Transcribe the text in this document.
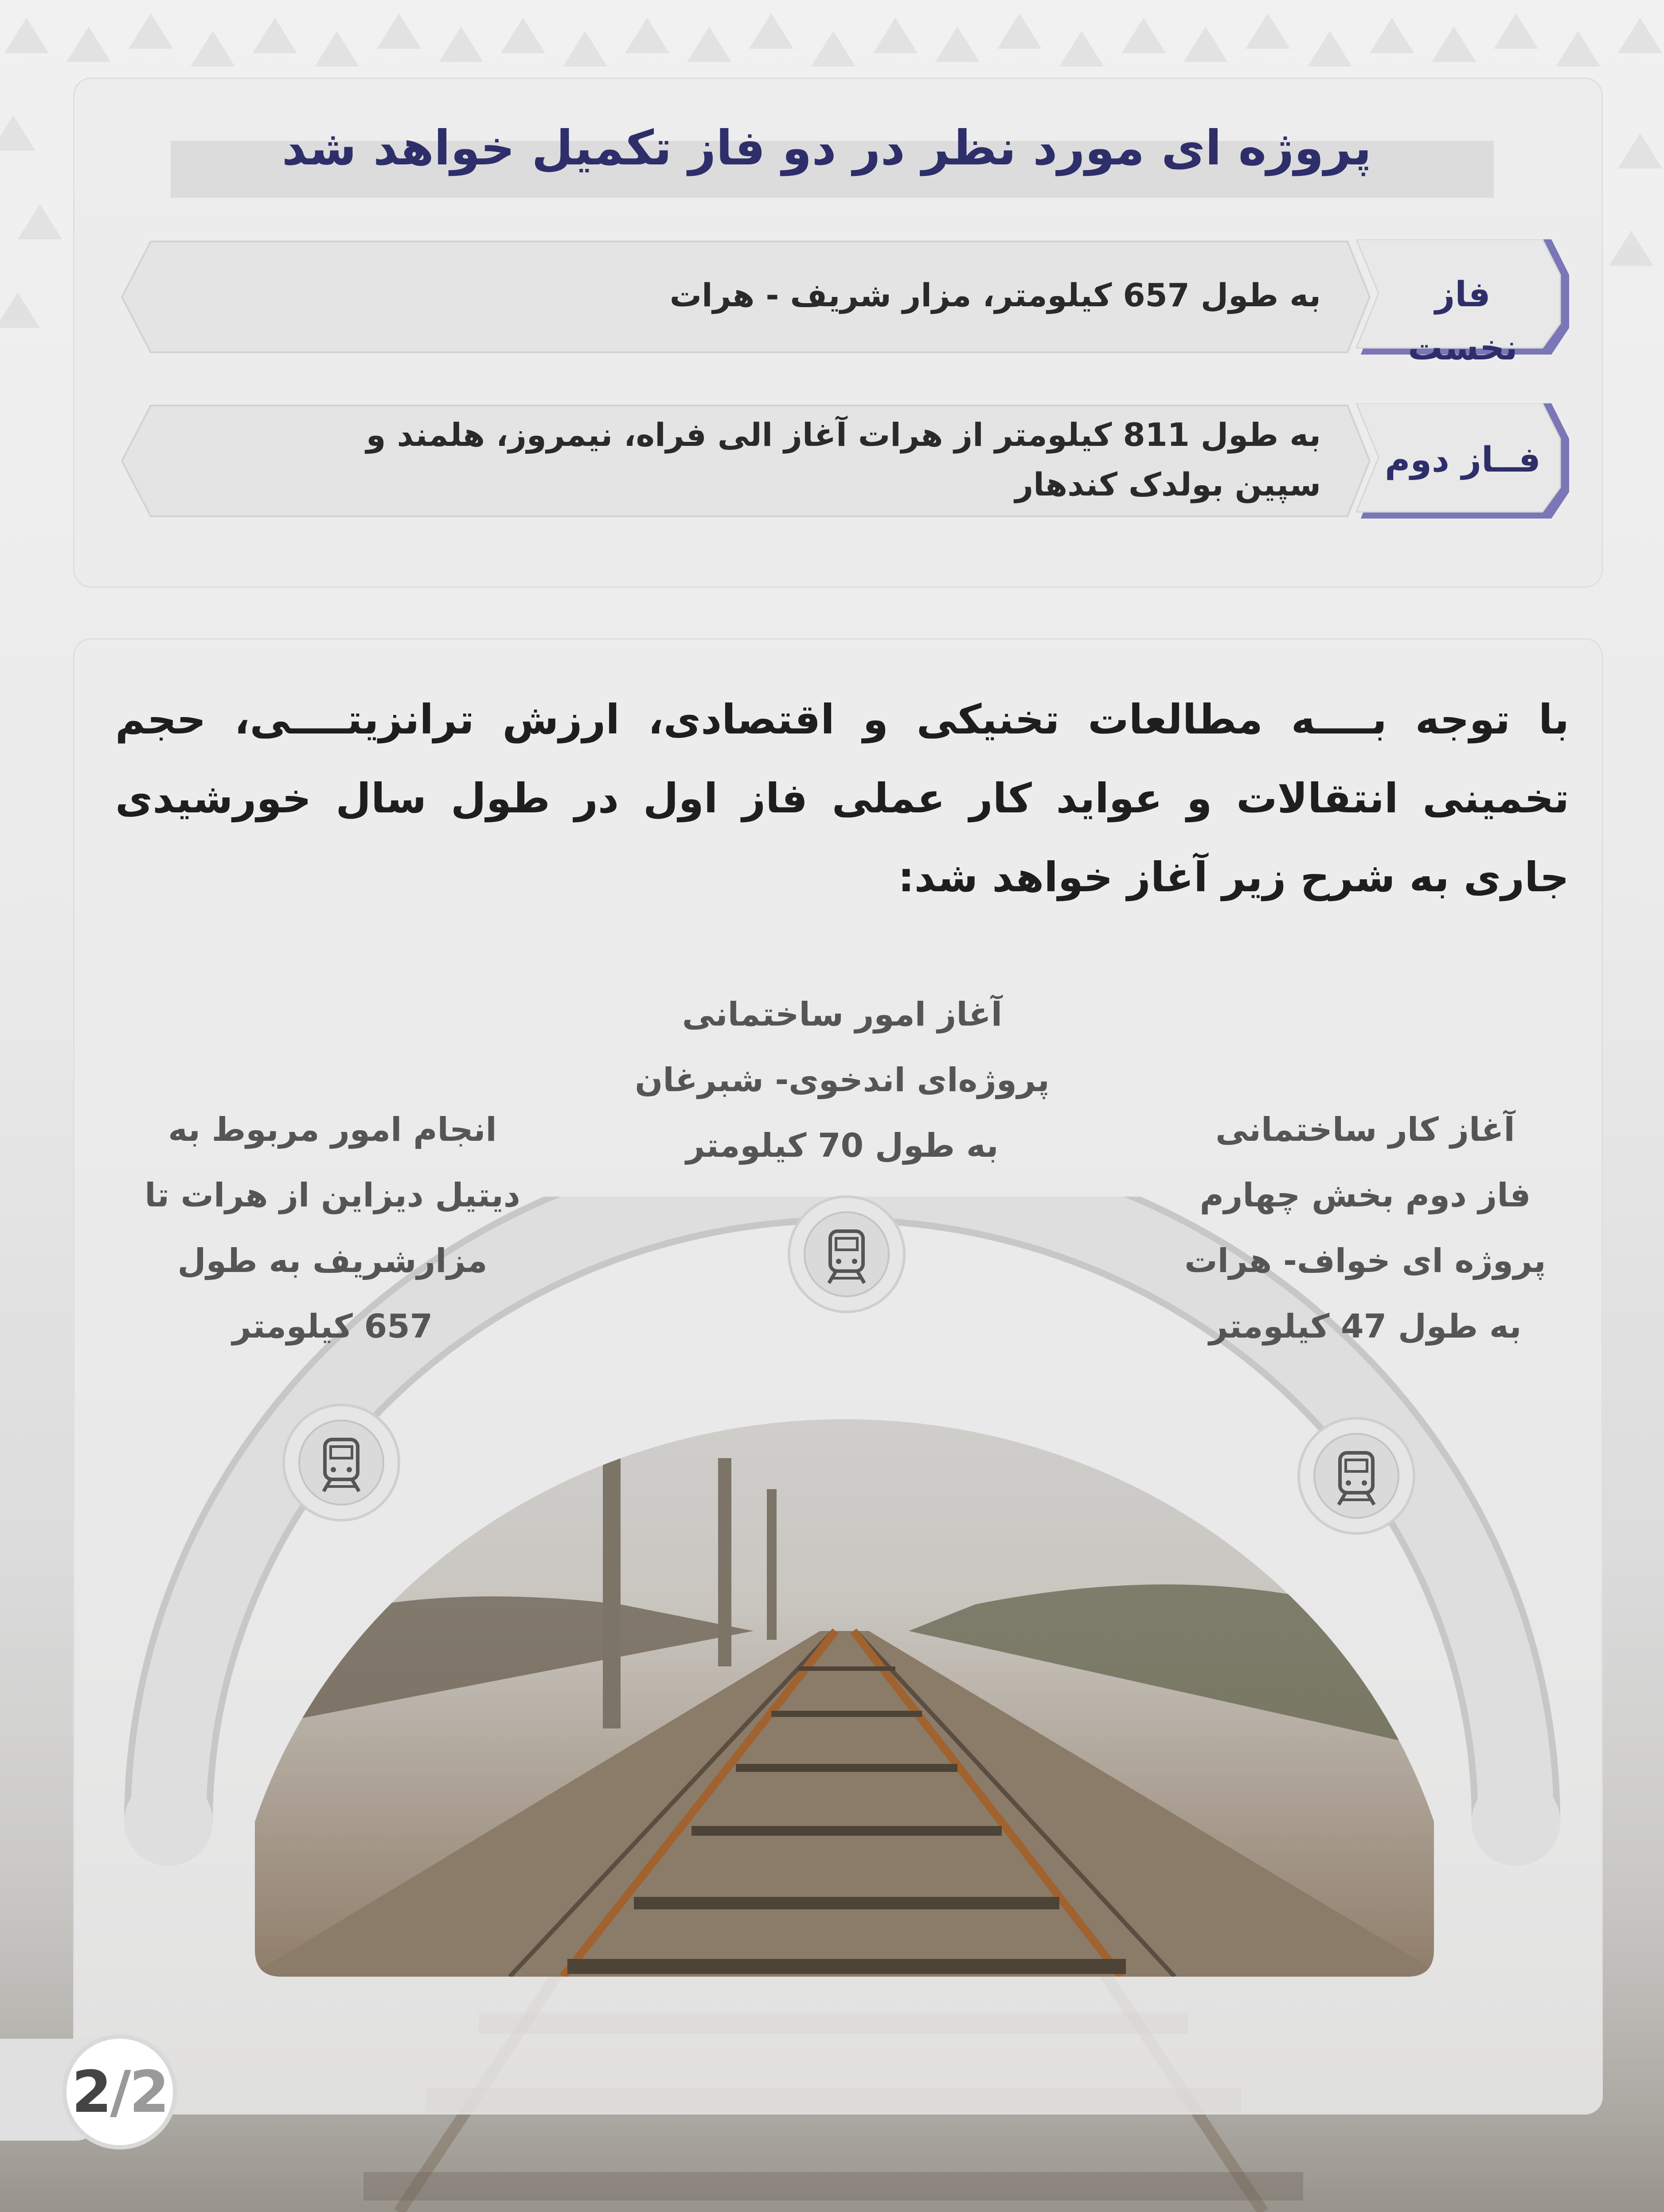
پروژه ای مورد نظر در دو فاز تکمیل خواهد شد
فاز نخست
به طول 657 کیلومتر، مزار شریف - هرات
فــاز دوم
به طول 811 کیلومتر از هرات آغاز الی فراه، نیمروز، هلمند و سپین بولدک کندهار
با توجه بــــه مطالعات تخنیکی و اقتصادی، ارزش ترانزیتــــی، حجم تخمینی انتقالات و عواید کار عملی فاز اول در طول سال خورشیدی جاری به شرح زیر آغاز خواهد شد:
انجام امور مربوط به
دیتیل دیزاین از هرات تا
مزارشریف به طول
657 کیلومتر
آغاز امور ساختمانی
پروژه‌ای اندخوی- شبرغان
به طول 70 کیلومتر	آغاز کار ساختمانی
فاز دوم بخش چهارم
پروژه ای خواف- هرات
به طول 47 کیلومتر
2/2
